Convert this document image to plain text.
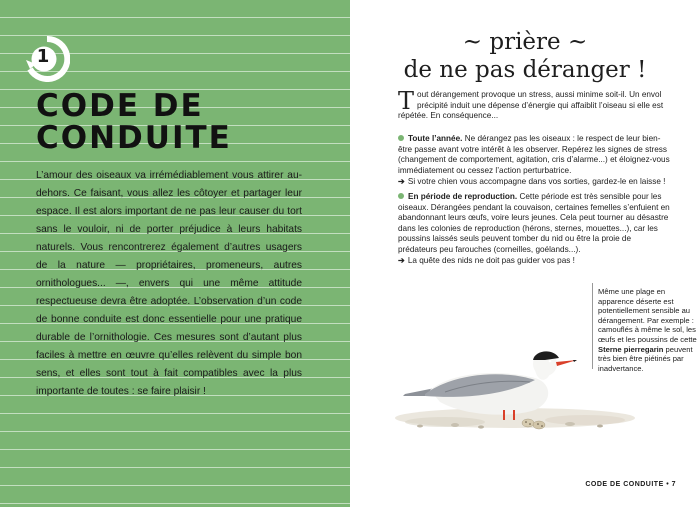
1
CODE DE
CONDUITE

L’amour des oiseaux va irrémédiablement vous attirer au-dehors. Ce faisant, vous allez les côtoyer et partager leur espace. Il est alors important de ne pas leur causer du tort sans le vouloir, ni de porter préjudice à leurs habitats naturels. Vous rencontrerez également d’autres usagers de la nature — propriétaires, promeneurs, autres ornithologues... —, envers qui une même attitude respectueuse devra être adoptée. L’observation d’un code de bonne conduite est donc essentielle pour une pratique durable de l’ornithologie. Ces mesures sont d’autant plus faciles à mettre en œuvre qu’elles relèvent du simple bon sens, et elles sont tout à fait compatibles avec la plus importante de toutes : se faire plaisir !

~ prière ~
de ne pas déranger !

Tout dérangement provoque un stress, aussi minime soit-il. Un envol précipité induit une dépense d’énergie qui affaiblit l’oiseau si elle est répétée. En conséquence...

Toute l’année. Ne dérangez pas les oiseaux : le respect de leur bien-être passe avant votre intérêt à les observer. Repérez les signes de stress (changement de comportement, agitation, cris d’alarme...) et éloignez-vous immédiatement ou cessez l’action perturbatrice.
➔ Si votre chien vous accompagne dans vos sorties, gardez-le en laisse !
En période de reproduction. Cette période est très sensible pour les oiseaux. Dérangées pendant la couvaison, certaines femelles s’enfuient en abandonnant leurs œufs, voire leurs jeunes. Cela peut tourner au désastre dans les colonies de reproduction (hérons, sternes, mouettes...), car les poussins laissés seuls peuvent tomber du nid ou être la proie de prédateurs peu farouches (corneilles, goélands...).
➔ La quête des nids ne doit pas guider vos pas !

Même une plage en apparence déserte est potentiellement sensible au dérangement. Par exemple : camouflés à même le sol, les œufs et les poussins de cette Sterne pierregarin peuvent très bien être piétinés par inadvertance.

CODE DE CONDUITE • 7
